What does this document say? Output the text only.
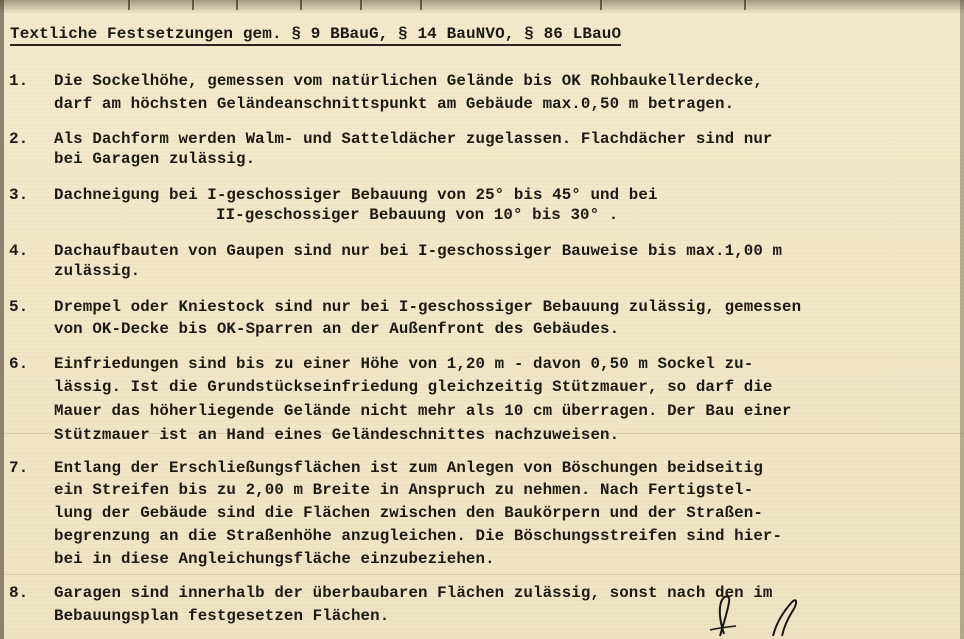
Textliche Festsetzungen gem. § 9 BBauG, § 14 BauNVO, § 86 LBauO
1. Die Sockelhöhe, gemessen vom natürlichen Gelände bis OK Rohbaukellerdecke,
darf am höchsten Geländeanschnittspunkt am Gebäude max.0,50 m betragen.
2. Als Dachform werden Walm- und Satteldächer zugelassen. Flachdächer sind nur
bei Garagen zulässig.
3. Dachneigung bei I-geschossiger Bebauung von 25° bis 45° und bei
II-geschossiger Bebauung von 10° bis 30° .
4. Dachaufbauten von Gaupen sind nur bei I-geschossiger Bauweise bis max.1,00 m
zulässig.
5. Drempel oder Kniestock sind nur bei I-geschossiger Bebauung zulässig, gemessen
von OK-Decke bis OK-Sparren an der Außenfront des Gebäudes.
6. Einfriedungen sind bis zu einer Höhe von 1,20 m - davon 0,50 m Sockel zu-
lässig. Ist die Grundstückseinfriedung gleichzeitig Stützmauer, so darf die
Mauer das höherliegende Gelände nicht mehr als 10 cm überragen. Der Bau einer
Stützmauer ist an Hand eines Geländeschnittes nachzuweisen.
7. Entlang der Erschließungsflächen ist zum Anlegen von Böschungen beidseitig
ein Streifen bis zu 2,00 m Breite in Anspruch zu nehmen. Nach Fertigstel-
lung der Gebäude sind die Flächen zwischen den Baukörpern und der Straßen-
begrenzung an die Straßenhöhe anzugleichen. Die Böschungsstreifen sind hier-
bei in diese Angleichungsfläche einzubeziehen.
8. Garagen sind innerhalb der überbaubaren Flächen zulässig, sonst nach den im
Bebauungsplan festgesetzen Flächen.
